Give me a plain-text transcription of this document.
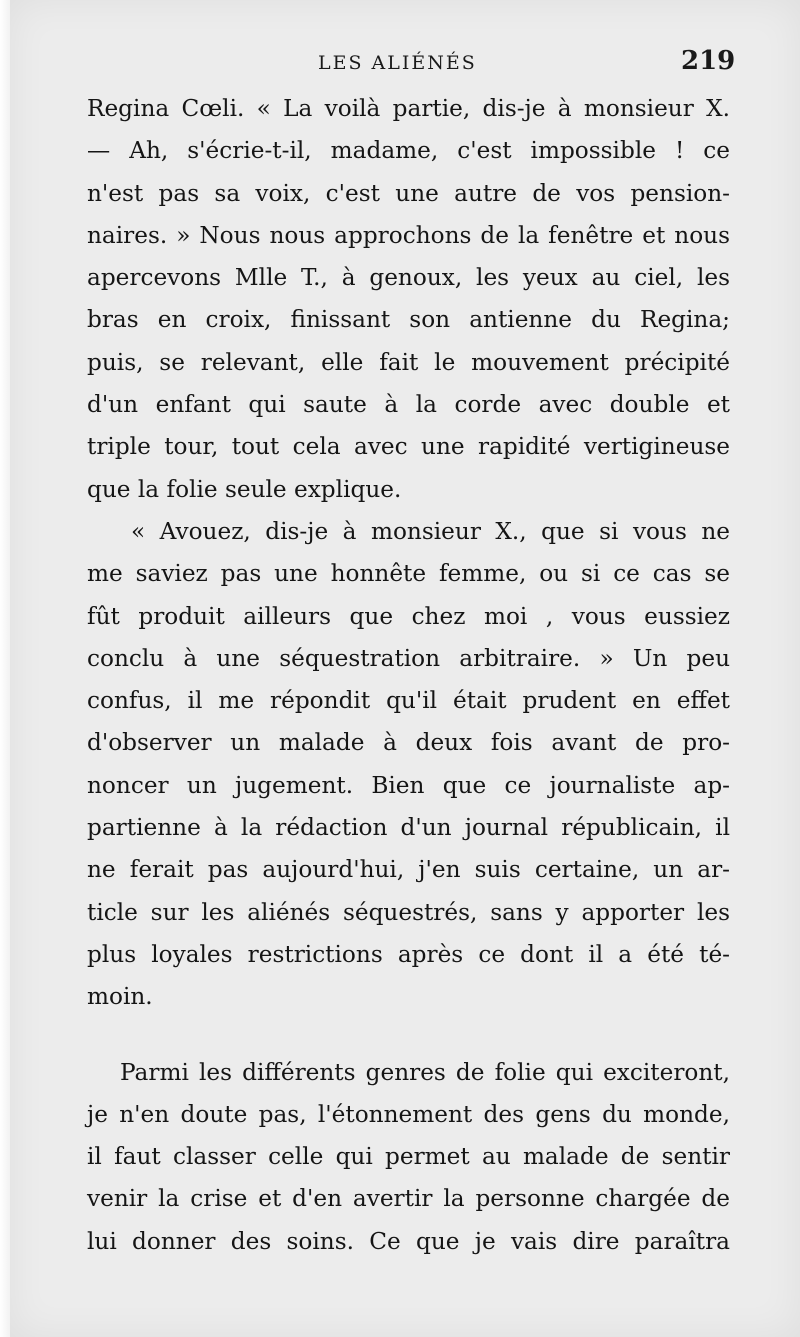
LES ALIÉNÉS	219
Regina Cœli. « La voilà partie, dis-je à monsieur X.
— Ah, s'écrie-t-il, madame, c'est impossible ! ce
n'est pas sa voix, c'est une autre de vos pension-
naires. » Nous nous approchons de la fenêtre et nous
apercevons Mlle T., à genoux, les yeux au ciel, les
bras en croix, finissant son antienne du Regina;
puis, se relevant, elle fait le mouvement précipité
d'un enfant qui saute à la corde avec double et
triple tour, tout cela avec une rapidité vertigineuse
que la folie seule explique.
« Avouez, dis-je à monsieur X., que si vous ne
me saviez pas une honnête femme, ou si ce cas se
fût produit ailleurs que chez moi , vous eussiez
conclu à une séquestration arbitraire. » Un peu
confus, il me répondit qu'il était prudent en effet
d'observer un malade à deux fois avant de pro-
noncer un jugement. Bien que ce journaliste ap-
partienne à la rédaction d'un journal républicain, il
ne ferait pas aujourd'hui, j'en suis certaine, un ar-
ticle sur les aliénés séquestrés, sans y apporter les
plus loyales restrictions après ce dont il a été té-
moin.
Parmi les différents genres de folie qui exciteront,
je n'en doute pas, l'étonnement des gens du monde,
il faut classer celle qui permet au malade de sentir
venir la crise et d'en avertir la personne chargée de
lui donner des soins. Ce que je vais dire paraîtra
